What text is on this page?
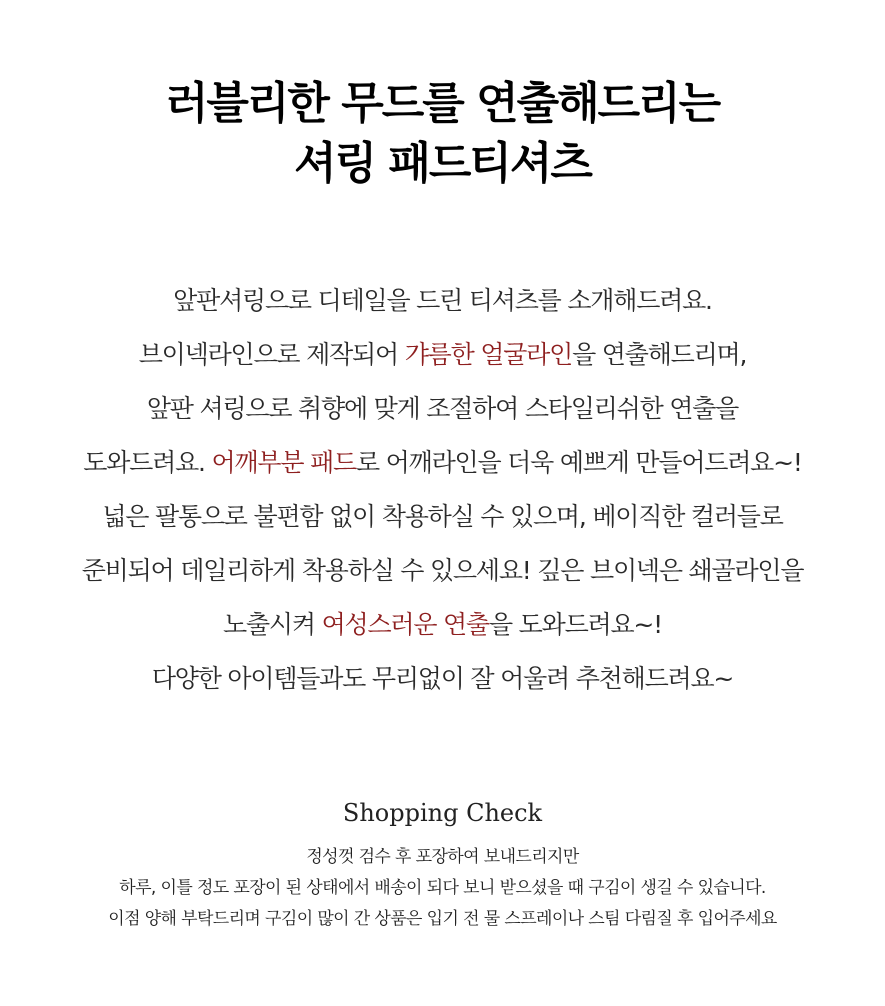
러블리한 무드를 연출해드리는
셔링 패드티셔츠
앞판셔링으로 디테일을 드린 티셔츠를 소개해드려요.
브이넥라인으로 제작되어 갸름한 얼굴라인을 연출해드리며,
앞판 셔링으로 취향에 맞게 조절하여 스타일리쉬한 연출을
도와드려요. 어깨부분 패드로 어깨라인을 더욱 예쁘게 만들어드려요~!
넓은 팔통으로 불편함 없이 착용하실 수 있으며, 베이직한 컬러들로
준비되어 데일리하게 착용하실 수 있으세요! 깊은 브이넥은 쇄골라인을
노출시켜 여성스러운 연출을 도와드려요~!
다양한 아이템들과도 무리없이 잘 어울려 추천해드려요~
Shopping Check
정성껏 검수 후 포장하여 보내드리지만
하루, 이틀 정도 포장이 된 상태에서 배송이 되다 보니 받으셨을 때 구김이 생길 수 있습니다.
이점 양해 부탁드리며 구김이 많이 간 상품은 입기 전 물 스프레이나 스팀 다림질 후 입어주세요
